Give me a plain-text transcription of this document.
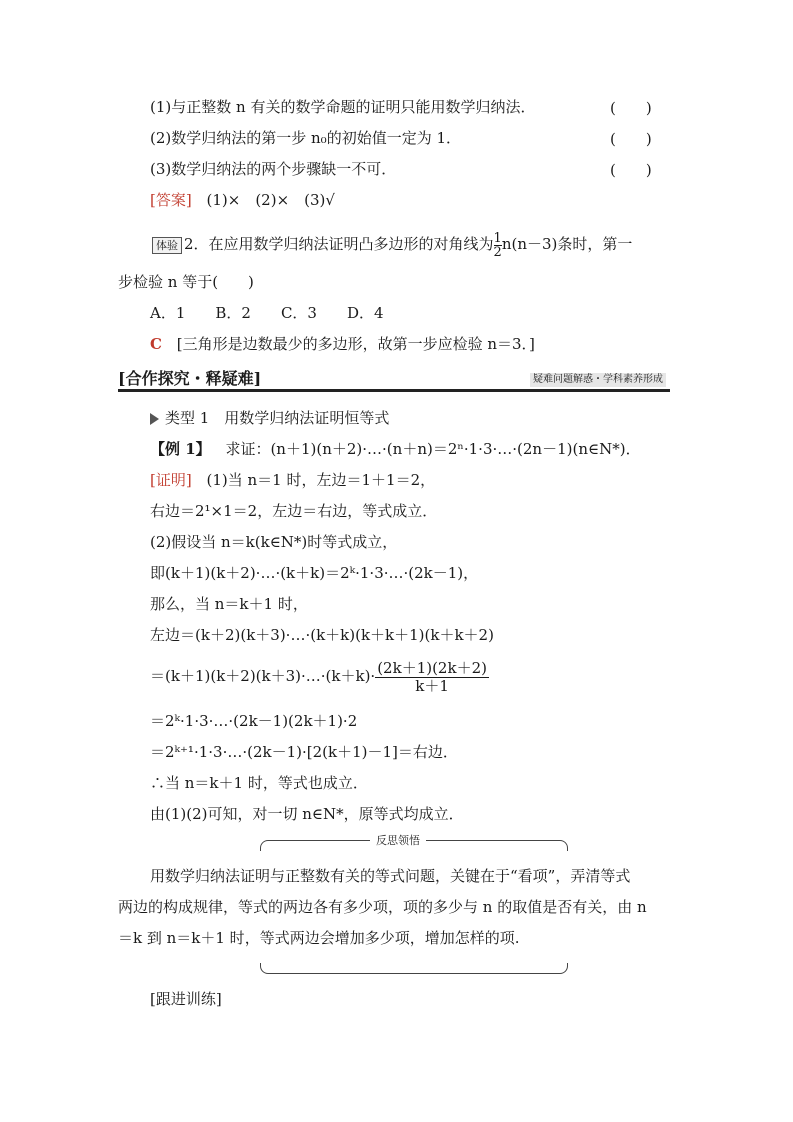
(1)与正整数 n 有关的数学命题的证明只能用数学归纳法．	(　　)
(2)数学归纳法的第一步 n₀的初始值一定为 1．	(　　)
(3)数学归纳法的两个步骤缺一不可．	(　　)
[答案] (1)×　(2)×　(3)√
体验 2．在应用数学归纳法证明凸多边形的对角线为 $\frac{1}{2} n(n-3)$条时，第一
步检验 n 等于(　　)
A．1　　B．2　　C．3　　D．4
C [三角形是边数最少的多边形，故第一步应检验 n＝3．]
[合作探究・释疑难]	疑难问题解惑・学科素养形成
类型 1　用数学归纳法证明恒等式
【例 1】 求证：(n＋1)(n＋2)·…·(n＋n)＝2ⁿ·1·3·…·(2n－1)(n∈N*)．
[证明] (1)当 n＝1 时，左边＝1＋1＝2，
右边＝2¹×1＝2，左边＝右边，等式成立．
(2)假设当 n＝k(k∈N*)时等式成立，
即(k＋1)(k＋2)·…·(k＋k)＝2ᵏ·1·3·…·(2k－1)，
那么，当 n＝k＋1 时，
左边＝(k＋2)(k＋3)·…·(k＋k)(k＋k＋1)(k＋k＋2)
＝(k＋1)(k＋2)(k＋3)·…·(k＋k)· $\frac{(2k+1)(2k+2)}{k+1}$
＝2ᵏ·1·3·…·(2k－1)(2k＋1)·2
＝2ᵏ⁺¹·1·3·…·(2k－1)·[2(k＋1)－1]＝右边．
∴当 n＝k＋1 时，等式也成立．
由(1)(2)可知，对一切 n∈N*，原等式均成立．
反思领悟
用数学归纳法证明与正整数有关的等式问题，关键在于“看项”，弄清等式
两边的构成规律，等式的两边各有多少项，项的多少与 n 的取值是否有关，由 n
＝k 到 n＝k＋1 时，等式两边会增加多少项，增加怎样的项.
[跟进训练]
